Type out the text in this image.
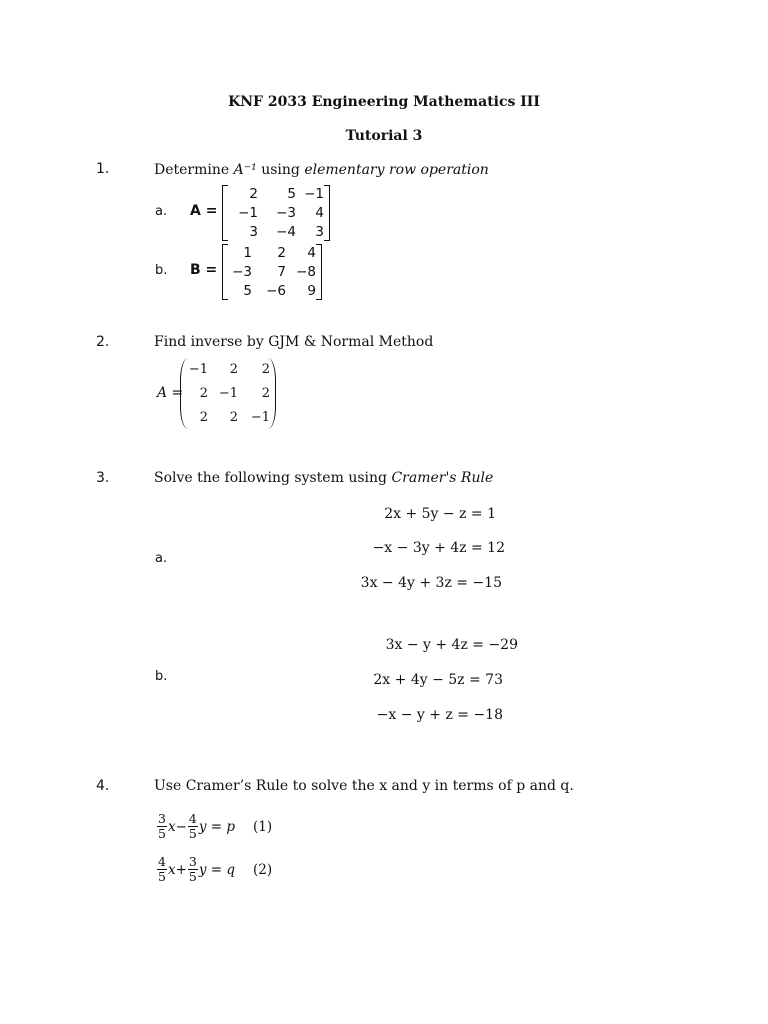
KNF 2033 Engineering Mathematics III
Tutorial 3
1.	Determine A⁻¹ using elementary row operation
a. A =
2	5 −1
−1	−3	4
3	−4	3
b. B =
1	2	4
−3	7 −8
5	−6	9
2.	Find inverse by GJM & Normal Method
A =
−1	2	2
2 −1	2
2	2 −1
3.	Solve the following system using Cramer's Rule
a.
2x + 5y − z = 1
−x − 3y + 4z = 12
3x − 4y + 3z = −15
b.
3x − y + 4z = −29
2x + 4y − 5z = 73
−x − y + z = −18
4.	Use Cramer’s Rule to solve the x and y in terms of p and q.
$\frac{3}{5} x- \frac{4}{5}$ y = p (1)
$\frac{4}{5} x+ \frac{3}{5}$ y = q (2)
